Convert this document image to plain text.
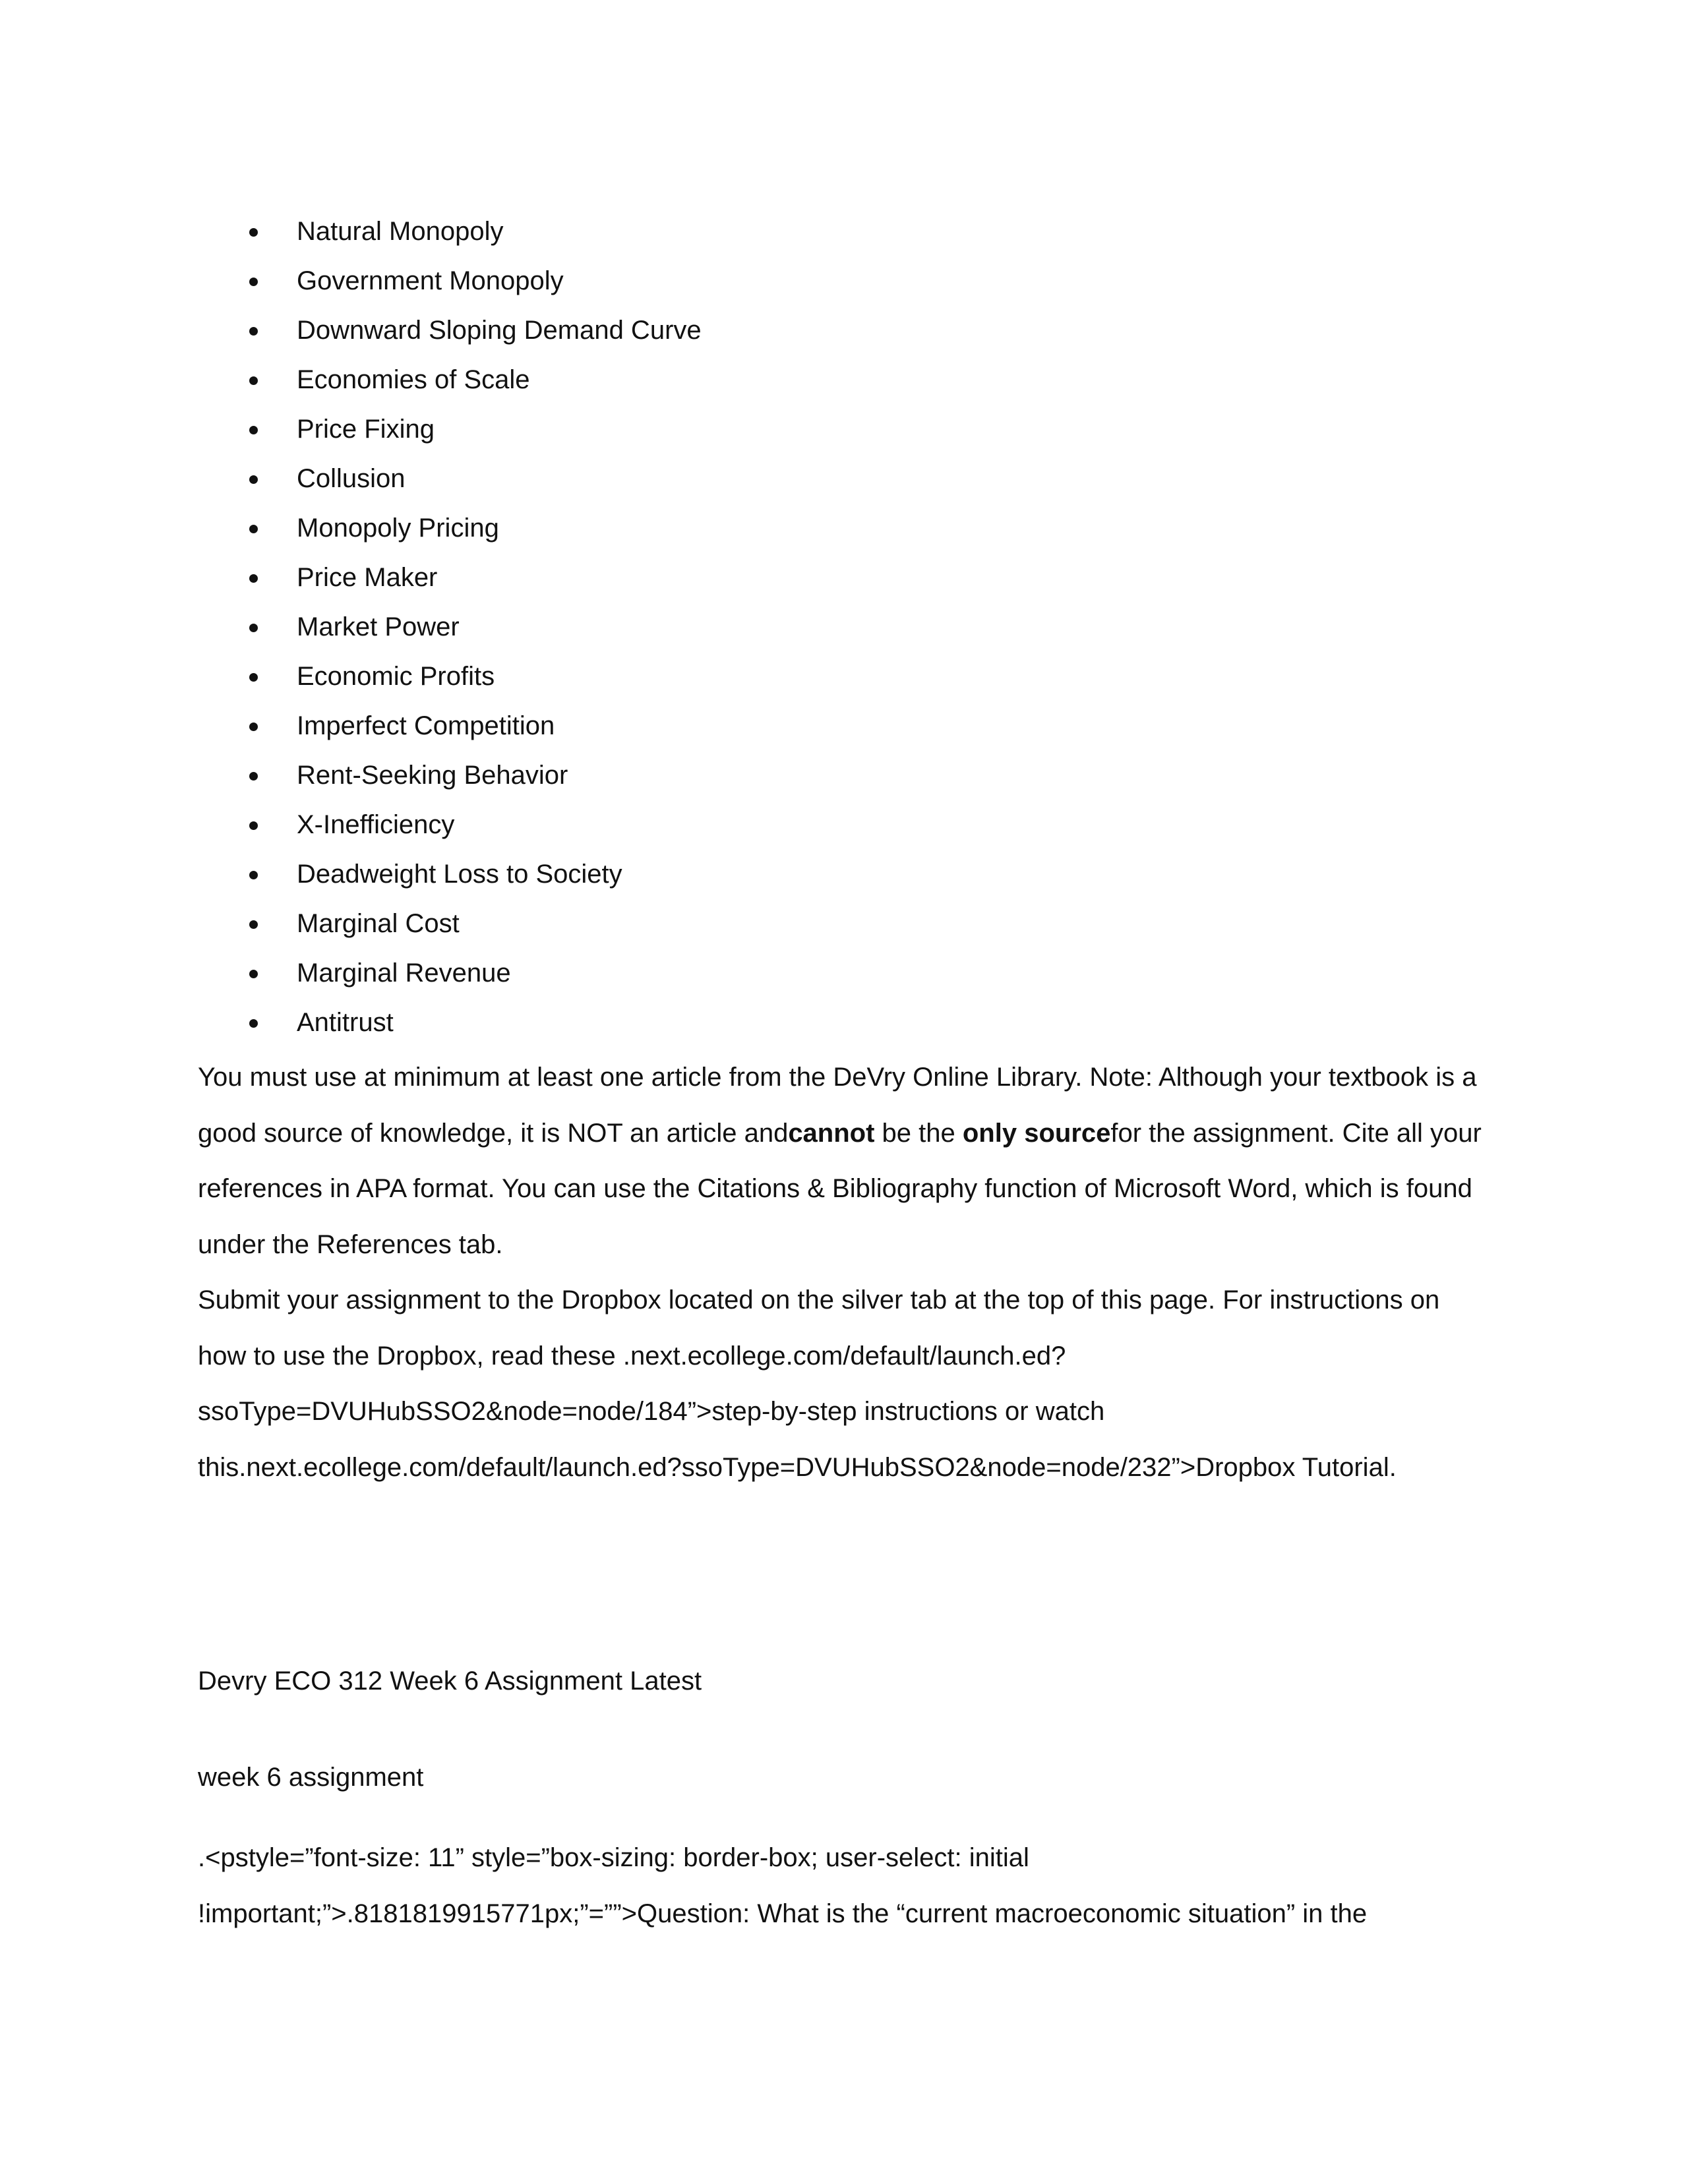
Natural Monopoly
Government Monopoly
Downward Sloping Demand Curve
Economies of Scale
Price Fixing
Collusion
Monopoly Pricing
Price Maker
Market Power
Economic Profits
Imperfect Competition
Rent-Seeking Behavior
X-Inefficiency
Deadweight Loss to Society
Marginal Cost
Marginal Revenue
Antitrust

You must use at minimum at least one article from the DeVry Online Library. Note: Although your textbook is a good source of knowledge, it is NOT an article andcannot be the only sourcefor the assignment. Cite all your references in APA format. You can use the Citations & Bibliography function of Microsoft Word, which is found under the References tab.

Submit your assignment to the Dropbox located on the silver tab at the top of this page. For instructions on how to use the Dropbox, read these .next.ecollege.com/default/launch.ed?ssoType=DVUHubSSO2&node=node/184”>step-by-step instructions or watch this.next.ecollege.com/default/launch.ed?ssoType=DVUHubSSO2&node=node/232”>Dropbox Tutorial.

Devry ECO 312 Week 6 Assignment Latest

week 6 assignment

.<pstyle=”font-size: 11” style=”box-sizing: border-box; user-select: initial

!important;”>.8181819915771px;”=””>Question: What is the “current macroeconomic situation” in the
